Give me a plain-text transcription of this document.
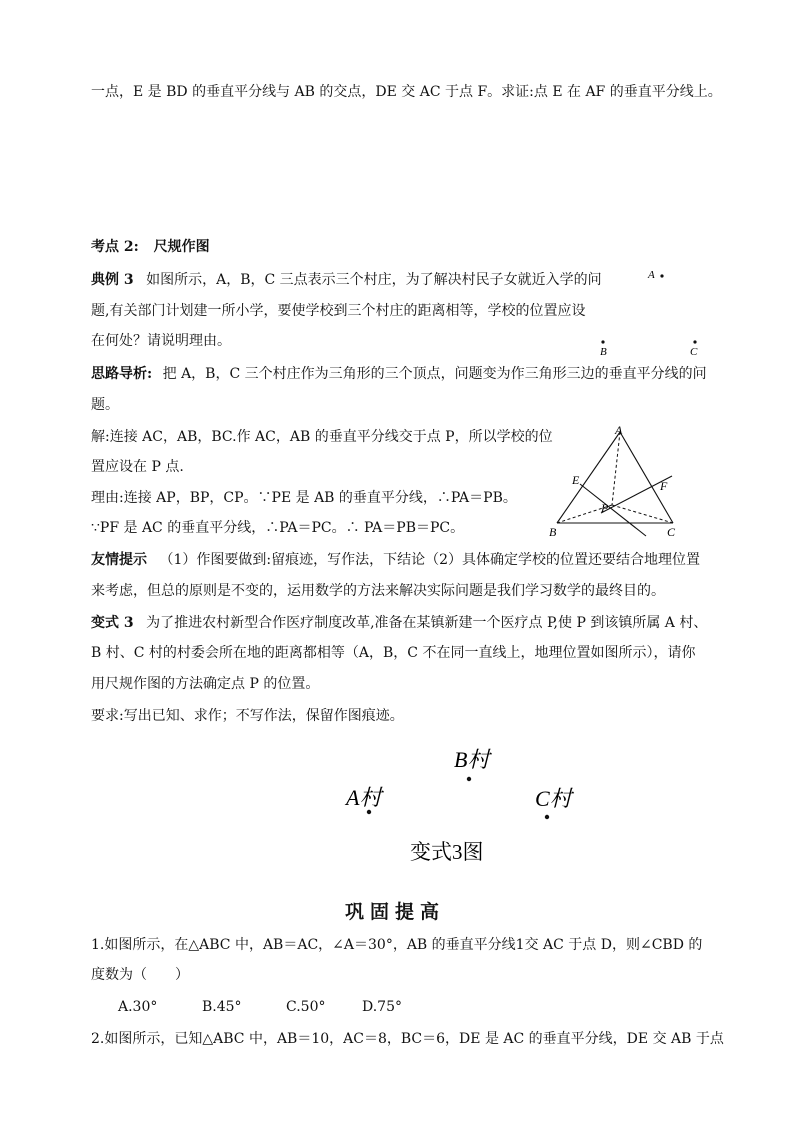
一点，E 是 BD 的垂直平分线与 AB 的交点，DE 交 AC 于点 F。求证:点 E 在 AF 的垂直平分线上。
考点 2: 尺规作图
典例 3 如图所示，A，B，C 三点表示三个村庄，为了解决村民子女就近入学的问
题,有关部门计划建一所小学，要使学校到三个村庄的距离相等，学校的位置应设
在何处？请说明理由。
A
B	C
思路导析: 把 A，B，C 三个村庄作为三角形的三个顶点，问题变为作三角形三边的垂直平分线的问
题。
解:连接 AC，AB，BC.作 AC，AB 的垂直平分线交于点 P，所以学校的位
置应设在 P 点.
理由:连接 AP，BP，CP。∵PE 是 AB 的垂直平分线，∴PA＝PB。
∵PF 是 AC 的垂直平分线，∴PA＝PC。∴ PA＝PB＝PC。
A
B	C
E	F
P
友情提示 （1）作图要做到:留痕迹，写作法，下结论（2）具体确定学校的位置还要结合地理位置
来考虑，但总的原则是不变的，运用数学的方法来解决实际问题是我们学习数学的最终目的。
变式 3 为了推进农村新型合作医疗制度改革,准备在某镇新建一个医疗点 P,使 P 到该镇所属 A 村、
B 村、C 村的村委会所在地的距离都相等（A，B，C 不在同一直线上，地理位置如图所示），请你
用尺规作图的方法确定点 P 的位置。
要求:写出已知、求作；不写作法，保留作图痕迹。
B村
A村	C村
变式3图
巩固提高
1.如图所示，在△ABC 中，AB＝AC，∠A＝30°，AB 的垂直平分线1交 AC 于点 D，则∠CBD 的
度数为（　　）
A.30°	B.45°	C.50°	D.75°
2.如图所示，已知△ABC 中，AB＝10，AC＝8，BC＝6，DE 是 AC 的垂直平分线，DE 交 AB 于点
